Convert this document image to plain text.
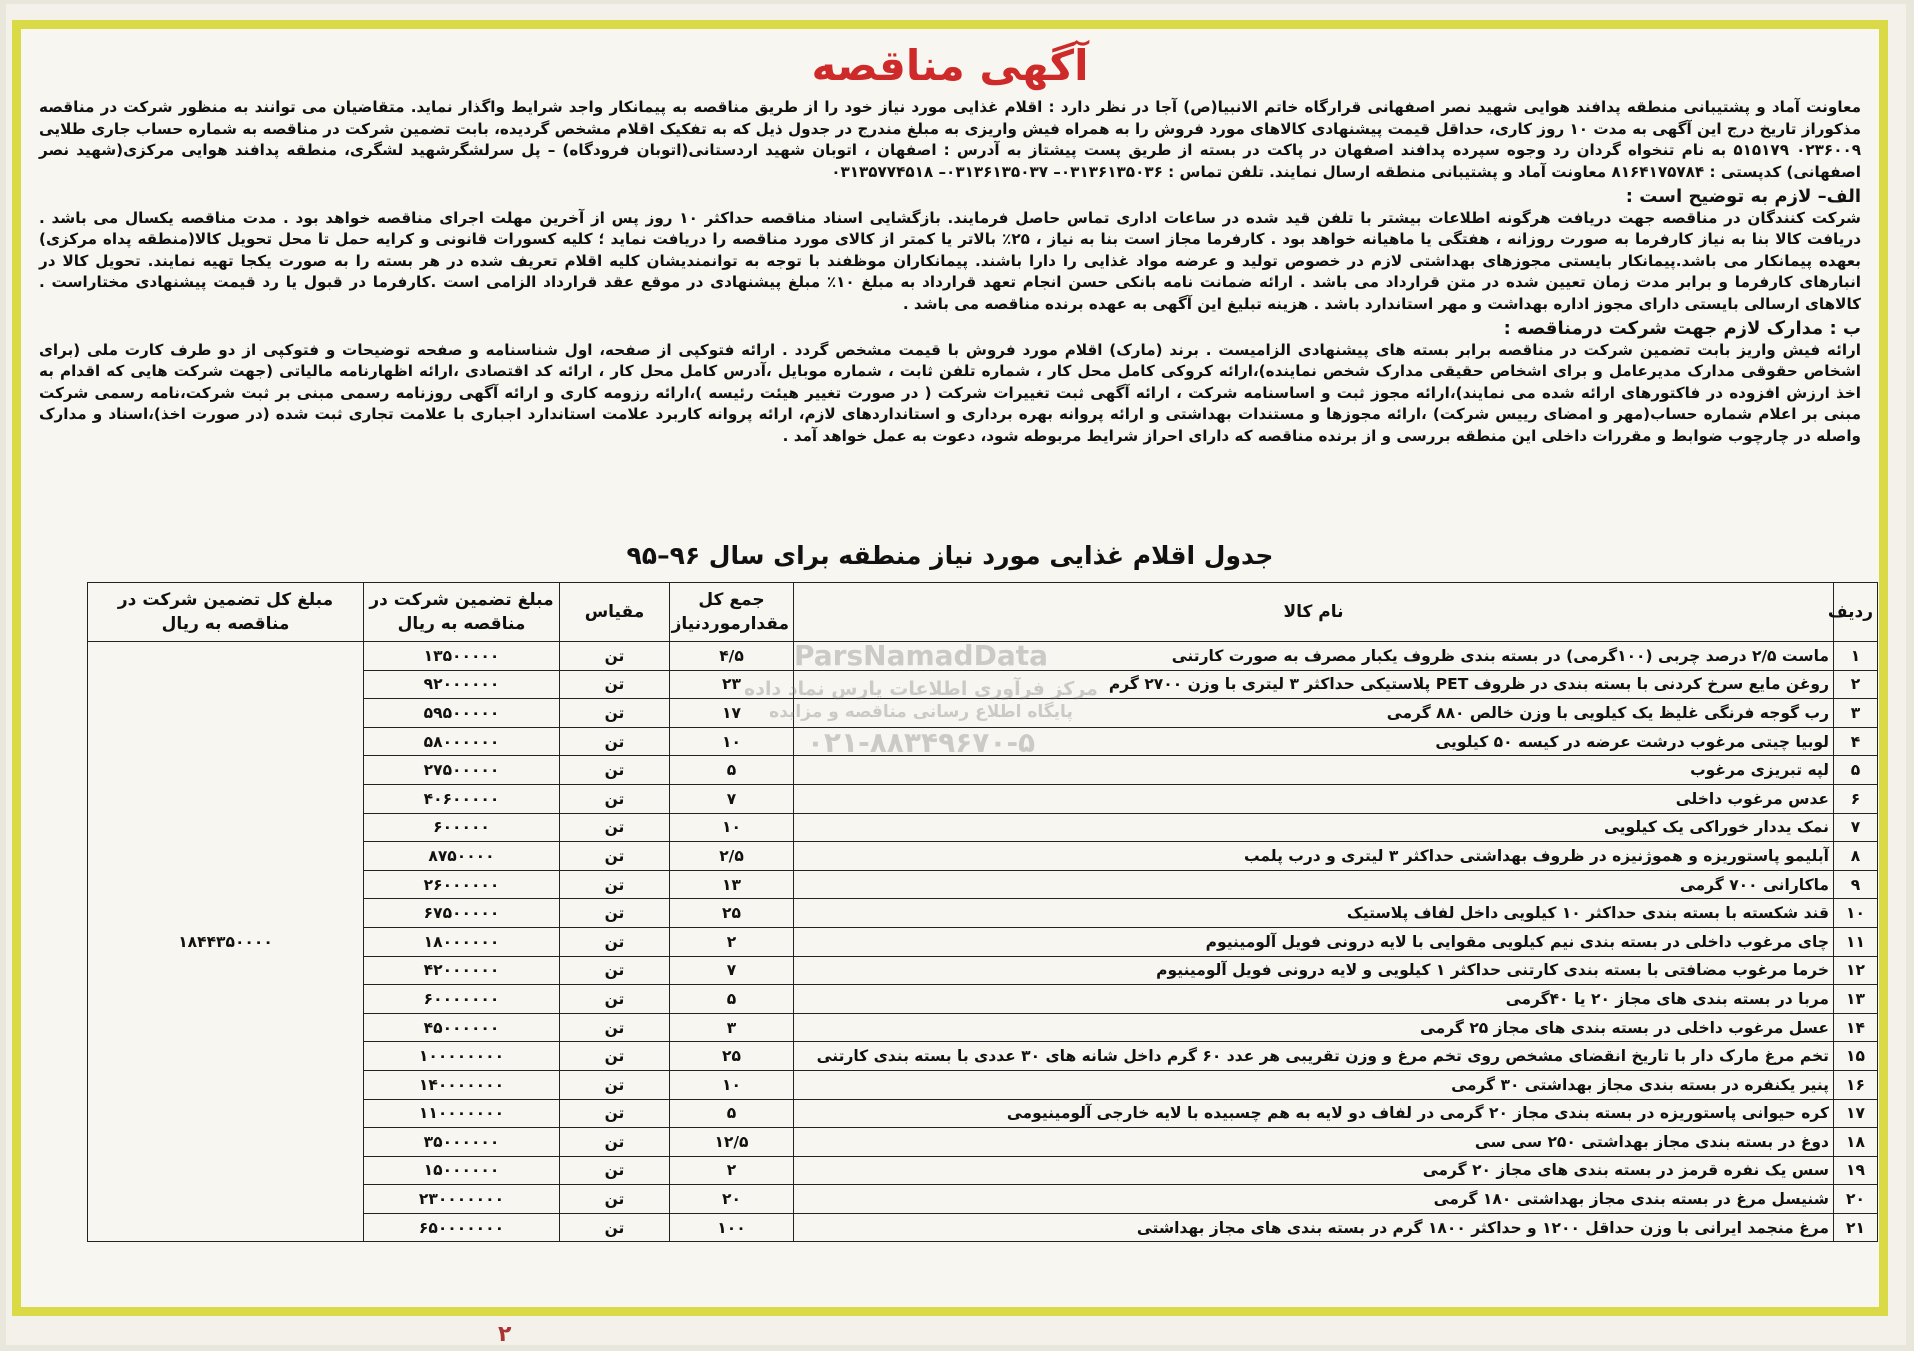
آگهی مناقصه

معاونت آماد و پشتیبانی منطقه پدافند هوایی شهید نصر اصفهانی قرارگاه خاتم الانبیا(ص) آجا در نظر دارد : اقلام غذایی مورد نیاز خود را از طریق مناقصه به پیمانکار واجد شرایط واگذار نماید. متقاضیان می توانند به منظور شرکت در مناقصه مذکوراز تاریخ درج این آگهی به مدت ۱۰ روز کاری، حداقل قیمت پیشنهادی کالاهای مورد فروش را به همراه فیش واریزی به مبلغ مندرج در جدول ذیل که به تفکیک اقلام مشخص گردیده، بابت تضمین شرکت در مناقصه به شماره حساب جاری طلایی ۰۲۳۶۰۰۹ ۵۱۵۱۷۹ به نام تنخواه گردان رد وجوه سپرده پدافند اصفهان در پاکت در بسته از طریق پست پیشتاز به آدرس : اصفهان ، اتوبان شهید اردستانی(اتوبان فرودگاه) – پل سرلشگرشهید لشگری، منطقه پدافند هوایی مرکزی(شهید نصر اصفهانی) کدپستی : ۸۱۶۴۱۷۵۷۸۴ معاونت آماد و پشتیبانی منطقه ارسال نمایند. تلفن تماس : ۰۳۱۳۶۱۳۵۰۳۶– ۰۳۱۳۶۱۳۵۰۳۷– ۰۳۱۳۵۷۷۴۵۱۸

الف– لازم به توضیح است :

شرکت کنندگان در مناقصه جهت دریافت هرگونه اطلاعات بیشتر با تلفن قید شده در ساعات اداری تماس حاصل فرمایند. بازگشایی اسناد مناقصه حداکثر ۱۰ روز پس از آخرین مهلت اجرای مناقصه خواهد بود . مدت مناقصه یکسال می باشد . دریافت کالا بنا به نیاز کارفرما به صورت روزانه ، هفتگی یا ماهیانه خواهد بود . کارفرما مجاز است بنا به نیاز ، ۲۵٪ بالاتر یا کمتر از کالای مورد مناقصه را دریافت نماید ؛ کلیه کسورات قانونی و کرایه حمل تا محل تحویل کالا(منطقه پداه مرکزی) بعهده پیمانکار می باشد.پیمانکار بایستی مجوزهای بهداشتی لازم در خصوص تولید و عرضه مواد غذایی را دارا باشند. پیمانکاران موظفند با توجه به توانمندیشان کلیه اقلام تعریف شده در هر بسته را به صورت یکجا تهیه نمایند. تحویل کالا در انبارهای کارفرما و برابر مدت زمان تعیین شده در متن قرارداد می باشد . ارائه ضمانت نامه بانکی حسن انجام تعهد قرارداد به مبلغ ۱۰٪ مبلغ پیشنهادی در موقع عقد قرارداد الزامی است .کارفرما در قبول یا رد قیمت پیشنهادی مختاراست . کالاهای ارسالی بایستی دارای مجوز اداره بهداشت و مهر استاندارد باشد . هزینه تبلیغ این آگهی به عهده برنده مناقصه می باشد .

ب : مدارک لازم جهت شرکت درمناقصه :

ارائه فیش واریز بابت تضمین شرکت در مناقصه برابر بسته های پیشنهادی الزامیست . برند (مارک) اقلام مورد فروش با قیمت مشخص گردد . ارائه فتوکپی از صفحه، اول شناسنامه و صفحه توضیحات و فتوکپی از دو طرف کارت ملی (برای اشخاص حقوقی مدارک مدیرعامل و برای اشخاص حقیقی مدارک شخص نماینده)،ارائه کروکی کامل محل کار ، شماره تلفن ثابت ، شماره موبایل ،آدرس کامل محل کار ، ارائه کد اقتصادی ،ارائه اظهارنامه مالیاتی (جهت شرکت هایی که اقدام به اخذ ارزش افزوده در فاکتورهای ارائه شده می نمایند)،ارائه مجوز ثبت و اساسنامه شرکت ، ارائه آگهی ثبت تغییرات شرکت ( در صورت تغییر هیئت رئیسه )،ارائه رزومه کاری و ارائه آگهی روزنامه رسمی مبنی بر ثبت شرکت،نامه رسمی شرکت مبنی بر اعلام شماره حساب(مهر و امضای رییس شرکت) ،ارائه مجوزها و مستندات بهداشتی و ارائه پروانه بهره برداری و استانداردهای لازم، ارائه پروانه کاربرد علامت استاندارد اجباری با علامت تجاری ثبت شده (در صورت اخذ)،اسناد و مدارک واصله در چارچوب ضوابط و مقررات داخلی این منطقه بررسی و از برنده مناقصه که دارای احراز شرایط مربوطه شود، دعوت به عمل خواهد آمد .

جدول اقلام غذایی مورد نیاز منطقه برای سال ۹۶–۹۵
ردیف	نام کالا	جمع کل مقدارموردنیاز	مقیاس	مبلغ تضمین شرکت در مناقصه به ریال	مبلغ کل تضمین شرکت در مناقصه به ریال
۱	ماست ۲/۵ درصد چربی (۱۰۰گرمی) در بسته بندی ظروف یکبار مصرف به صورت کارتنی	۴/۵	تن	۱۳۵۰۰۰۰۰	۱۸۴۴۳۵۰۰۰۰
۲	روغن مایع سرخ کردنی با بسته بندی در ظروف PET پلاستیکی حداکثر ۳ لیتری با وزن ۲۷۰۰ گرم	۲۳	تن	۹۲۰۰۰۰۰۰	
۳	رب گوجه فرنگی غلیظ یک کیلویی با وزن خالص ۸۸۰ گرمی	۱۷	تن	۵۹۵۰۰۰۰۰	
۴	لوبیا چیتی مرغوب درشت عرضه در کیسه ۵۰ کیلویی	۱۰	تن	۵۸۰۰۰۰۰۰	
۵	لپه تبریزی مرغوب	۵	تن	۲۷۵۰۰۰۰۰	
۶	عدس مرغوب داخلی	۷	تن	۴۰۶۰۰۰۰۰	
۷	نمک یددار خوراکی یک کیلویی	۱۰	تن	۶۰۰۰۰۰	
۸	آبلیمو پاستوریزه و هموژنیزه در ظروف بهداشتی حداکثر ۳ لیتری و درب پلمب	۲/۵	تن	۸۷۵۰۰۰۰	
۹	ماکارانی ۷۰۰ گرمی	۱۳	تن	۲۶۰۰۰۰۰۰	
۱۰	قند شکسته با بسته بندی حداکثر ۱۰ کیلویی داخل لفاف پلاستیک	۲۵	تن	۶۷۵۰۰۰۰۰	
۱۱	چای مرغوب داخلی در بسته بندی نیم کیلویی مقوایی با لایه درونی فویل آلومینیوم	۲	تن	۱۸۰۰۰۰۰۰	
۱۲	خرما مرغوب مضافتی با بسته بندی کارتنی حداکثر ۱ کیلویی و لایه درونی فویل آلومینیوم	۷	تن	۴۲۰۰۰۰۰۰	
۱۳	مربا در بسته بندی های مجاز ۲۰ یا ۴۰گرمی	۵	تن	۶۰۰۰۰۰۰۰	
۱۴	عسل مرغوب داخلی در بسته بندی های مجاز ۲۵ گرمی	۳	تن	۴۵۰۰۰۰۰۰	
۱۵	تخم مرغ مارک دار با تاریخ انقضای مشخص روی تخم مرغ و وزن تقریبی هر عدد ۶۰ گرم داخل شانه های ۳۰ عددی با بسته بندی کارتنی	۲۵	تن	۱۰۰۰۰۰۰۰۰	
۱۶	پنیر یکنفره در بسته بندی مجاز بهداشتی ۳۰ گرمی	۱۰	تن	۱۴۰۰۰۰۰۰۰	
۱۷	کره حیوانی پاستوریزه در بسته بندی مجاز ۲۰ گرمی در لفاف دو لایه به هم چسبیده با لایه خارجی آلومینیومی	۵	تن	۱۱۰۰۰۰۰۰۰	
۱۸	دوغ در بسته بندی مجاز بهداشتی ۲۵۰ سی سی	۱۲/۵	تن	۳۵۰۰۰۰۰۰	
۱۹	سس یک نفره قرمز در بسته بندی های مجاز ۲۰ گرمی	۲	تن	۱۵۰۰۰۰۰۰	
۲۰	شنیسل مرغ در بسته بندی مجاز بهداشتی ۱۸۰ گرمی	۲۰	تن	۲۳۰۰۰۰۰۰۰	
۲۱	مرغ منجمد ایرانی با وزن حداقل ۱۲۰۰ و حداکثر ۱۸۰۰ گرم در بسته بندی های مجاز بهداشتی	۱۰۰	تن	۶۵۰۰۰۰۰۰۰	
ParsNamadData
مرکز فرآوری اطلاعات پارس نماد داده
پایگاه اطلاع رسانی مناقصه و مزایده
۰۲۱-۸۸۳۴۹۶۷۰-۵
۲
